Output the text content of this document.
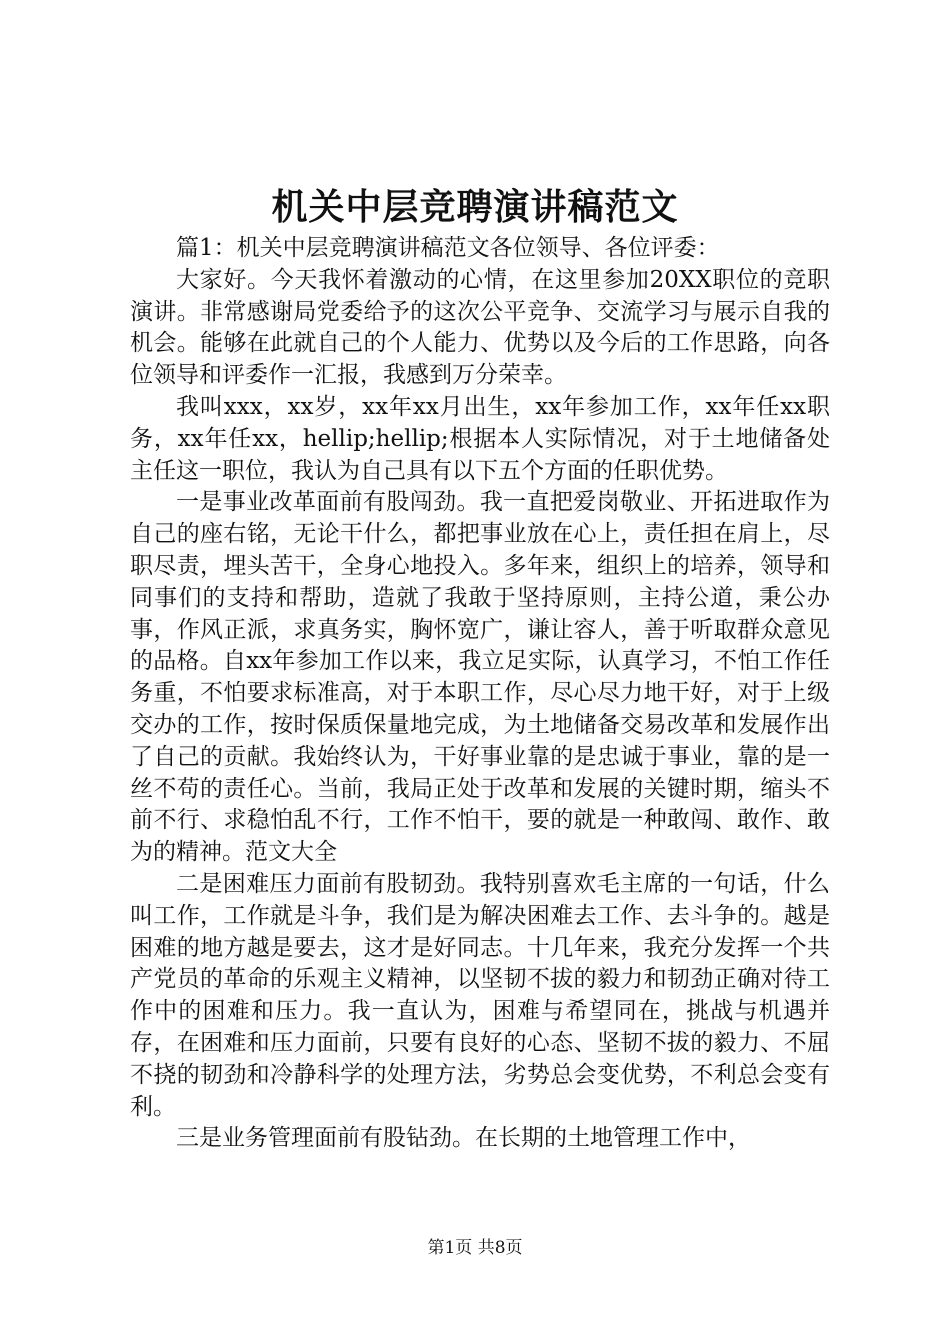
机关中层竞聘演讲稿范文

篇1：机关中层竞聘演讲稿范文各位领导、各位评委：

大家好。今天我怀着激动的心情，在这里参加20XX职位的竞职演讲。非常感谢局党委给予的这次公平竞争、交流学习与展示自我的机会。能够在此就自己的个人能力、优势以及今后的工作思路，向各位领导和评委作一汇报，我感到万分荣幸。

我叫xxx，xx岁，xx年xx月出生，xx年参加工作，xx年任xx职务，xx年任xx，hellip;hellip;根据本人实际情况，对于土地储备处主任这一职位，我认为自己具有以下五个方面的任职优势。

一是事业改革面前有股闯劲。我一直把爱岗敬业、开拓进取作为自己的座右铭，无论干什么，都把事业放在心上，责任担在肩上，尽职尽责，埋头苦干，全身心地投入。多年来，组织上的培养，领导和同事们的支持和帮助，造就了我敢于坚持原则，主持公道，秉公办事，作风正派，求真务实，胸怀宽广，谦让容人，善于听取群众意见的品格。自xx年参加工作以来，我立足实际，认真学习，不怕工作任务重，不怕要求标准高，对于本职工作，尽心尽力地干好，对于上级交办的工作，按时保质保量地完成，为土地储备交易改革和发展作出了自己的贡献。我始终认为，干好事业靠的是忠诚于事业，靠的是一丝不苟的责任心。当前，我局正处于改革和发展的关键时期，缩头不前不行、求稳怕乱不行，工作不怕干，要的就是一种敢闯、敢作、敢为的精神。范文大全

二是困难压力面前有股韧劲。我特别喜欢毛主席的一句话，什么叫工作，工作就是斗争，我们是为解决困难去工作、去斗争的。越是困难的地方越是要去，这才是好同志。十几年来，我充分发挥一个共产党员的革命的乐观主义精神，以坚韧不拔的毅力和韧劲正确对待工作中的困难和压力。我一直认为，困难与希望同在，挑战与机遇并存，在困难和压力面前，只要有良好的心态、坚韧不拔的毅力、不屈不挠的韧劲和冷静科学的处理方法，劣势总会变优势，不利总会变有利。

三是业务管理面前有股钻劲。在长期的土地管理工作中，

第1页 共8页
